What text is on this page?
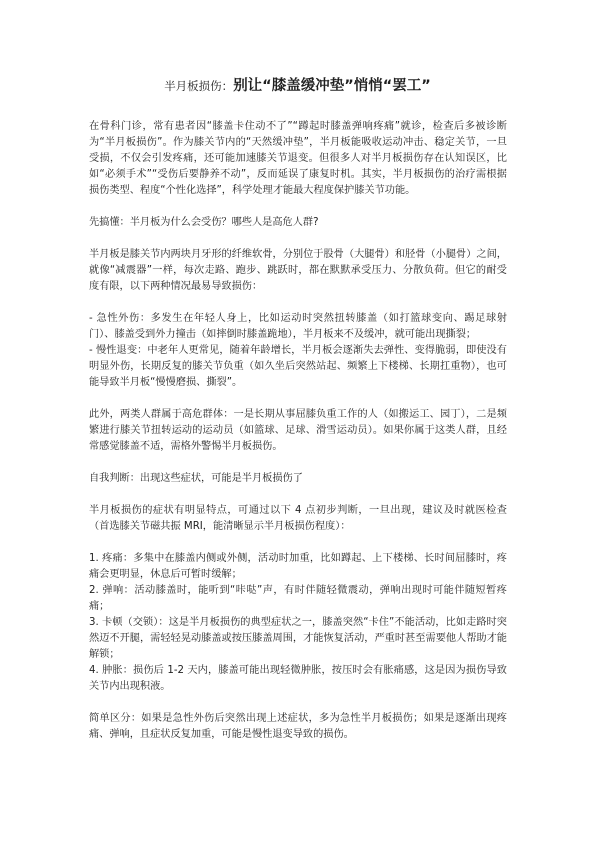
半月板损伤：别让“膝盖缓冲垫”悄悄“罢工”

在骨科门诊，常有患者因“膝盖卡住动不了”“蹲起时膝盖弹响疼痛”就诊，检查后多被诊断为“半月板损伤”。作为膝关节内的“天然缓冲垫”，半月板能吸收运动冲击、稳定关节，一旦受损，不仅会引发疼痛，还可能加速膝关节退变。但很多人对半月板损伤存在认知误区，比如“必须手术”“受伤后要静养不动”，反而延误了康复时机。其实，半月板损伤的治疗需根据损伤类型、程度“个性化选择”，科学处理才能最大程度保护膝关节功能。

先搞懂：半月板为什么会受伤？哪些人是高危人群?

半月板是膝关节内两块月牙形的纤维软骨，分别位于股骨（大腿骨）和胫骨（小腿骨）之间，就像“减震器”一样，每次走路、跑步、跳跃时，都在默默承受压力、分散负荷。但它的耐受度有限，以下两种情况最易导致损伤：

- 急性外伤：多发生在年轻人身上，比如运动时突然扭转膝盖（如打篮球变向、踢足球射门）、膝盖受到外力撞击（如摔倒时膝盖跪地），半月板来不及缓冲，就可能出现撕裂；
- 慢性退变：中老年人更常见，随着年龄增长，半月板会逐渐失去弹性、变得脆弱，即使没有明显外伤，长期反复的膝关节负重（如久坐后突然站起、频繁上下楼梯、长期扛重物），也可能导致半月板“慢慢磨损、撕裂”。

此外，两类人群属于高危群体：一是长期从事屈膝负重工作的人（如搬运工、园丁），二是频繁进行膝关节扭转运动的运动员（如篮球、足球、滑雪运动员）。如果你属于这类人群，且经常感觉膝盖不适，需格外警惕半月板损伤。

自我判断：出现这些症状，可能是半月板损伤了

半月板损伤的症状有明显特点，可通过以下 4 点初步判断，一旦出现，建议及时就医检查（首选膝关节磁共振 MRI，能清晰显示半月板损伤程度）：

1. 疼痛：多集中在膝盖内侧或外侧，活动时加重，比如蹲起、上下楼梯、长时间屈膝时，疼痛会更明显，休息后可暂时缓解；
2. 弹响：活动膝盖时，能听到“咔哒”声，有时伴随轻微震动，弹响出现时可能伴随短暂疼痛；
3. 卡顿（交锁）：这是半月板损伤的典型症状之一，膝盖突然“卡住”不能活动，比如走路时突然迈不开腿，需轻轻晃动膝盖或按压膝盖周围，才能恢复活动，严重时甚至需要他人帮助才能解锁；
4. 肿胀：损伤后 1-2 天内，膝盖可能出现轻微肿胀，按压时会有胀痛感，这是因为损伤导致关节内出现积液。

简单区分：如果是急性外伤后突然出现上述症状，多为急性半月板损伤；如果是逐渐出现疼痛、弹响，且症状反复加重，可能是慢性退变导致的损伤。
